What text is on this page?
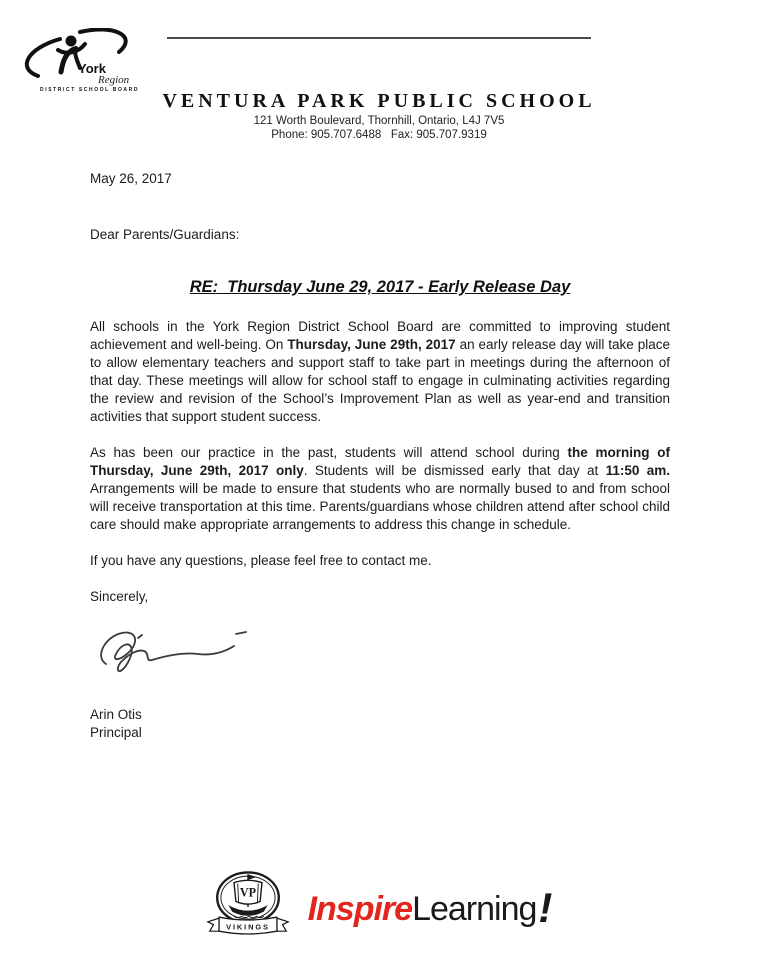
York
Region
DISTRICT SCHOOL BOARD	VENTURA PARK PUBLIC SCHOOL
121 Worth Boulevard, Thornhill, Ontario, L4J 7V5
Phone: 905.707.6488   Fax: 905.707.9319

May 26, 2017

Dear Parents/Guardians:

RE:  Thursday June 29, 2017 - Early Release Day

All schools in the York Region District School Board are committed to improving student achievement and well-being. On Thursday, June 29th, 2017 an early release day will take place to allow elementary teachers and support staff to take part in meetings during the afternoon of that day. These meetings will allow for school staff to engage in culminating activities regarding the review and revision of the School’s Improvement Plan as well as year-end and transition activities that support student success.

As has been our practice in the past, students will attend school during the morning of Thursday, June 29th, 2017 only. Students will be dismissed early that day at 11:50 am. Arrangements will be made to ensure that students who are normally bused to and from school will receive transportation at this time. Parents/guardians whose children attend after school child care should make appropriate arrangements to address this change in schedule.

If you have any questions, please feel free to contact me.

Sincerely,

Arin Otis

Principal

VP
VIKINGS Inspire Learning !
